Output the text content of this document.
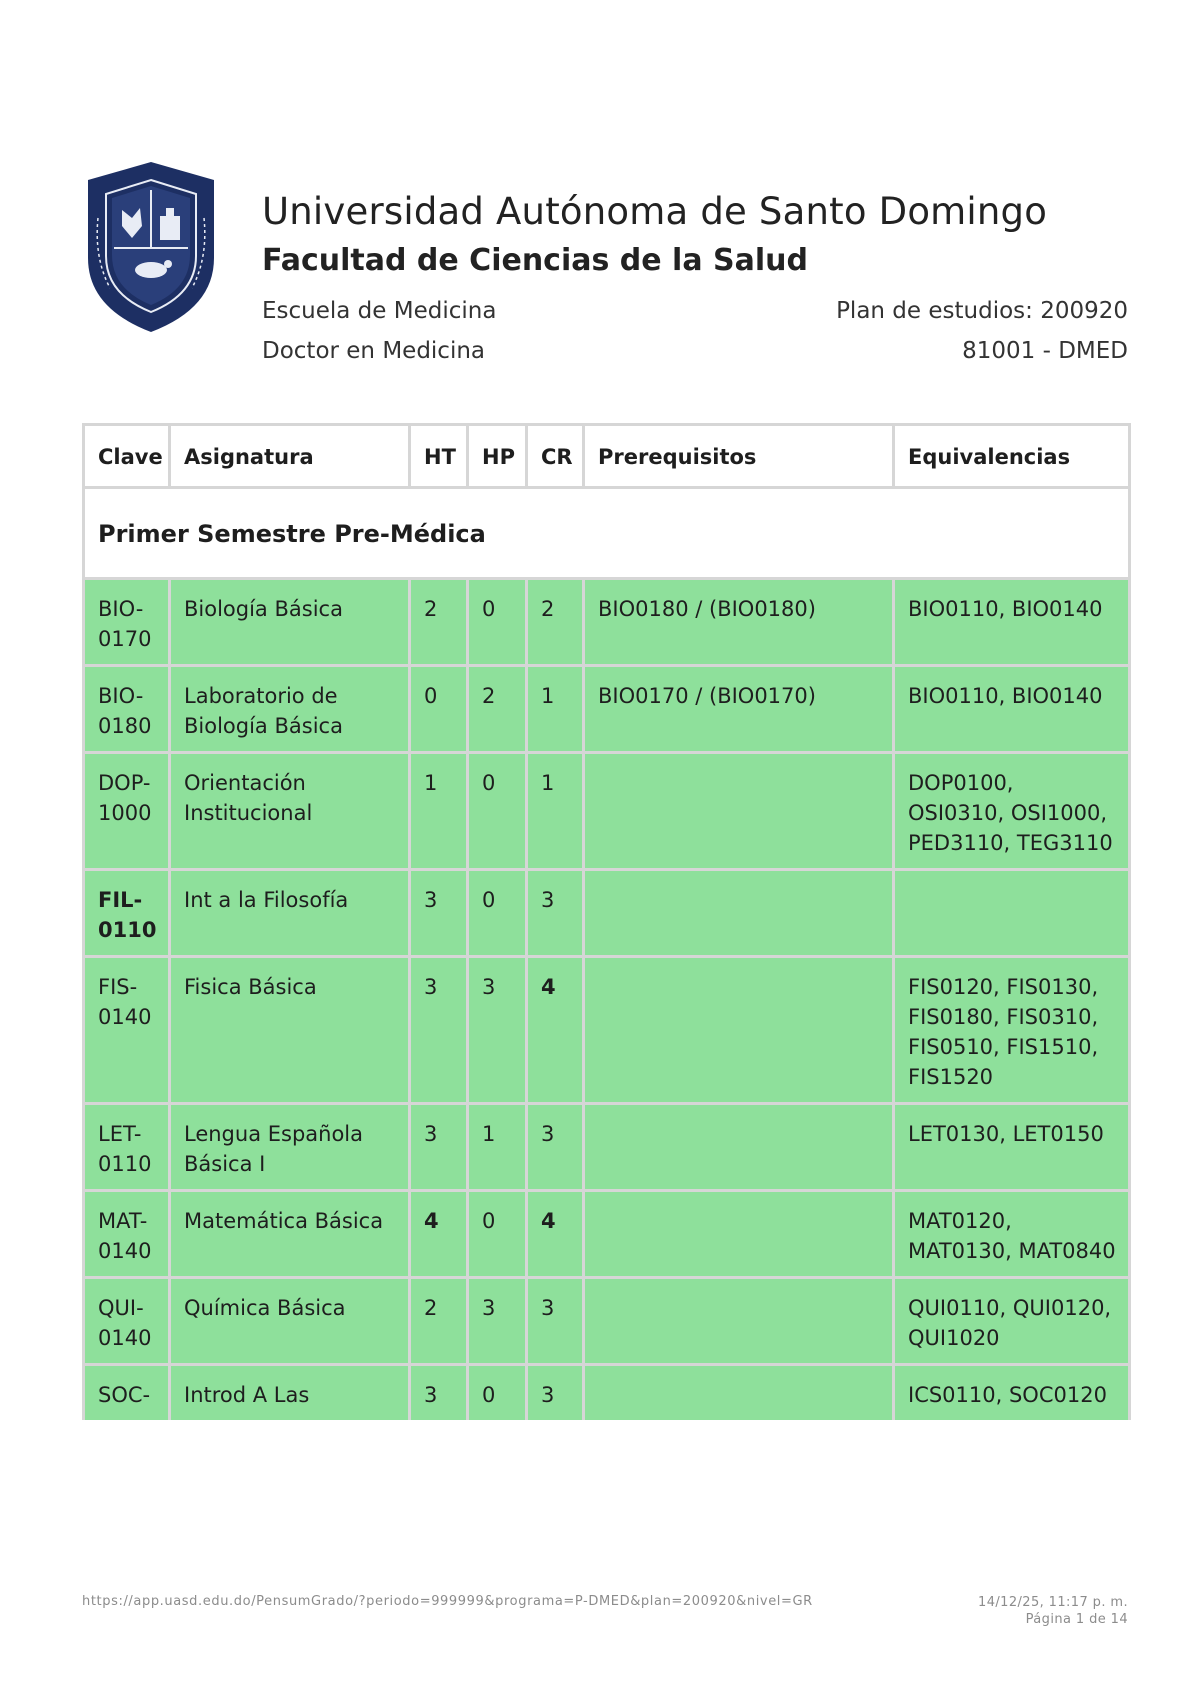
Universidad Autónoma de Santo Domingo
Facultad de Ciencias de la Salud
Escuela de Medicina	Plan de estudios: 200920
Doctor en Medicina	81001 - DMED
Clave	Asignatura	HT	HP	CR	Prerequisitos	Equivalencias
Primer Semestre Pre-Médica						
BIO-0170	Biología Básica	2	0	2	BIO0180 / (BIO0180)	BIO0110, BIO0140
BIO-0180	Laboratorio de Biología Básica	0	2	1	BIO0170 / (BIO0170)	BIO0110, BIO0140
DOP-1000	Orientación Institucional	1	0	1		DOP0100, OSI0310, OSI1000, PED3110, TEG3110
FIL-0110	Int a la Filosofía	3	0	3		
FIS-0140	Fisica Básica	3	3	4		FIS0120, FIS0130, FIS0180, FIS0310, FIS0510, FIS1510, FIS1520
LET-0110	Lengua Española Básica I	3	1	3		LET0130, LET0150
MAT-0140	Matemática Básica	4	0	4		MAT0120, MAT0130, MAT0840
QUI-0140	Química Básica	2	3	3		QUI0110, QUI0120, QUI1020
SOC-	Introd A Las	3	0	3		ICS0110, SOC0120
https://app.uasd.edu.do/PensumGrado/?periodo=999999&programa=P-DMED&plan=200920&nivel=GR	14/12/25, 11:17 p. m.
Página 1 de 14
